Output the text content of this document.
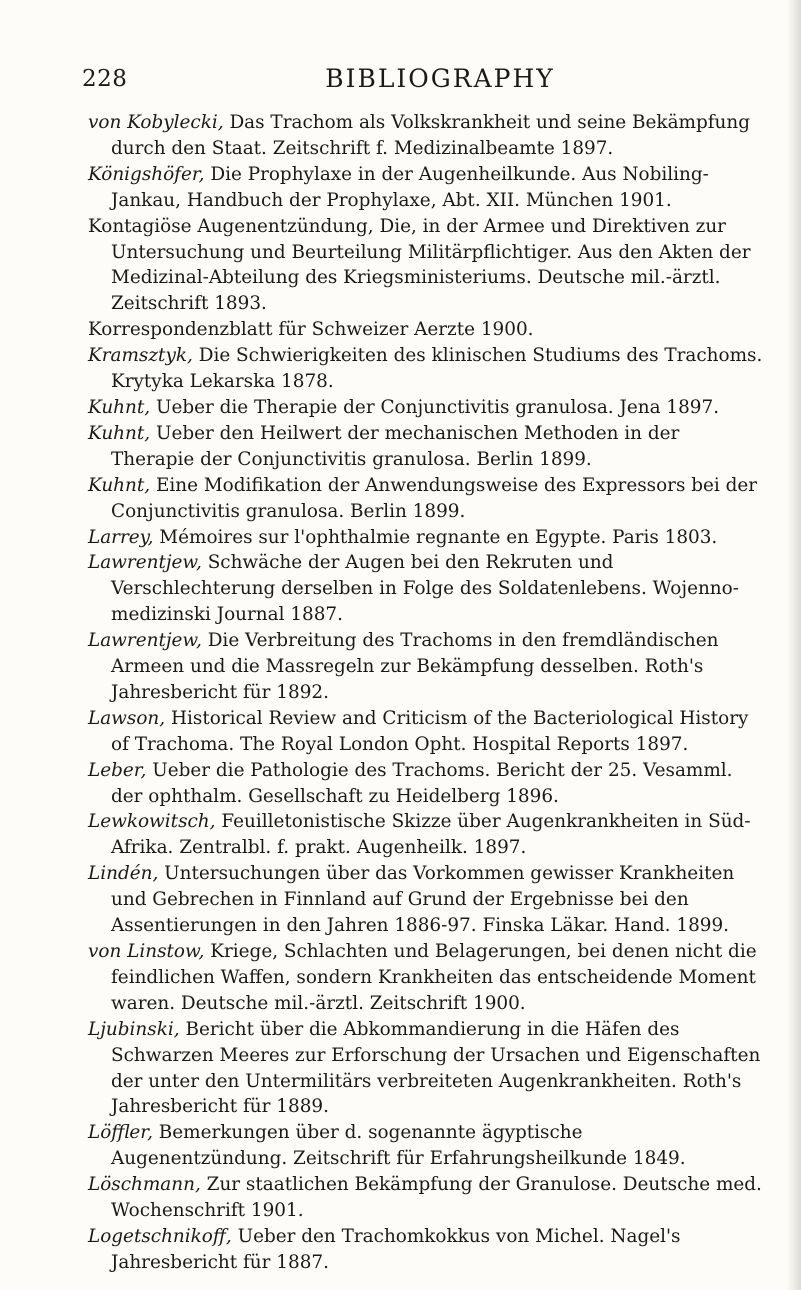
228	BIBLIOGRAPHY

von Kobylecki, Das Trachom als Volkskrankheit und seine Bekämpfung durch den Staat. Zeitschrift f. Medizinalbeamte 1897.

Königshöfer, Die Prophylaxe in der Augenheilkunde. Aus Nobiling-Jankau, Handbuch der Prophylaxe, Abt. XII. München 1901.

Kontagiöse Augenentzündung, Die, in der Armee und Direktiven zur Untersuchung und Beurteilung Militärpflichtiger. Aus den Akten der Medizinal-Abteilung des Kriegsministeriums. Deutsche mil.-ärztl. Zeitschrift 1893.

Korrespondenzblatt für Schweizer Aerzte 1900.

Kramsztyk, Die Schwierigkeiten des klinischen Studiums des Trachoms. Krytyka Lekarska 1878.

Kuhnt, Ueber die Therapie der Conjunctivitis granulosa. Jena 1897.

Kuhnt, Ueber den Heilwert der mechanischen Methoden in der Therapie der Conjunctivitis granulosa. Berlin 1899.

Kuhnt, Eine Modifikation der Anwendungsweise des Expressors bei der Conjunctivitis granulosa. Berlin 1899.

Larrey, Mémoires sur l'ophthalmie regnante en Egypte. Paris 1803.

Lawrentjew, Schwäche der Augen bei den Rekruten und Verschlechterung derselben in Folge des Soldatenlebens. Wojenno-medizinski Journal 1887.

Lawrentjew, Die Verbreitung des Trachoms in den fremdländischen Armeen und die Massregeln zur Bekämpfung desselben. Roth's Jahresbericht für 1892.

Lawson, Historical Review and Criticism of the Bacteriological History of Trachoma. The Royal London Opht. Hospital Reports 1897.

Leber, Ueber die Pathologie des Trachoms. Bericht der 25. Vesamml. der ophthalm. Gesellschaft zu Heidelberg 1896.

Lewkowitsch, Feuilletonistische Skizze über Augenkrankheiten in Süd-Afrika. Zentralbl. f. prakt. Augenheilk. 1897.

Lindén, Untersuchungen über das Vorkommen gewisser Krankheiten und Gebrechen in Finnland auf Grund der Ergebnisse bei den Assentierungen in den Jahren 1886-97. Finska Läkar. Hand. 1899.

von Linstow, Kriege, Schlachten und Belagerungen, bei denen nicht die feindlichen Waffen, sondern Krankheiten das entscheidende Moment waren. Deutsche mil.-ärztl. Zeitschrift 1900.

Ljubinski, Bericht über die Abkommandierung in die Häfen des Schwarzen Meeres zur Erforschung der Ursachen und Eigenschaften der unter den Untermilitärs verbreiteten Augenkrankheiten. Roth's Jahresbericht für 1889.

Löffler, Bemerkungen über d. sogenannte ägyptische Augenentzündung. Zeitschrift für Erfahrungsheilkunde 1849.

Löschmann, Zur staatlichen Bekämpfung der Granulose. Deutsche med. Wochenschrift 1901.

Logetschnikoff, Ueber den Trachomkokkus von Michel. Nagel's Jahresbericht für 1887.
